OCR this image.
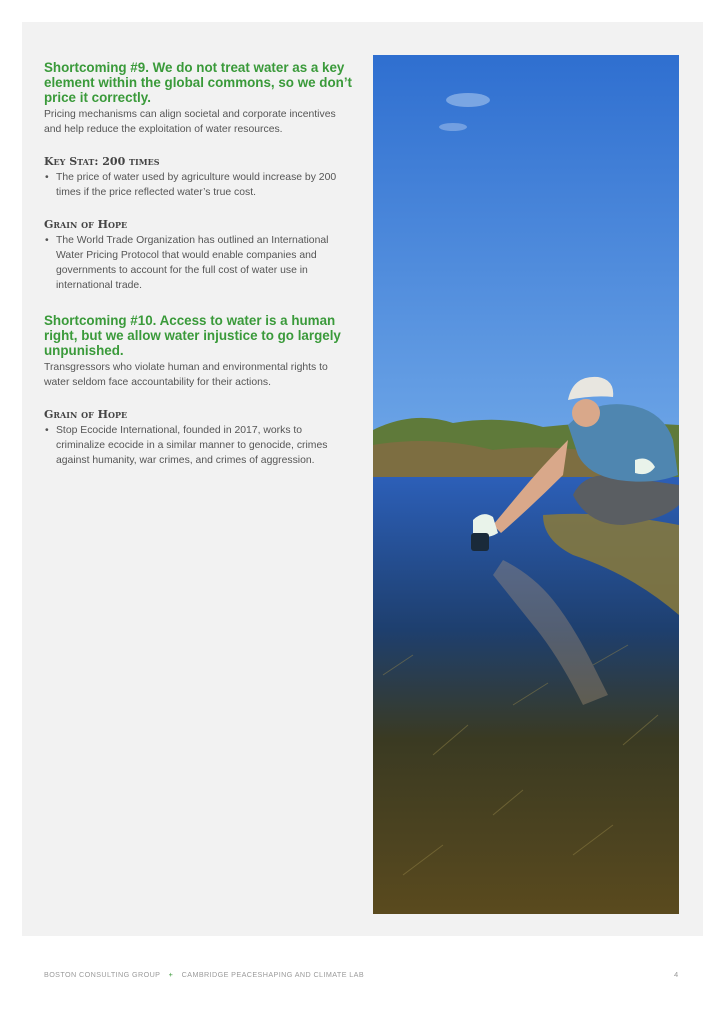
Shortcoming #9. We do not treat water as a key element within the global commons, so we don’t price it correctly.

Pricing mechanisms can align societal and corporate incentives and help reduce the exploitation of water resources.

Key Stat: 200 times
• The price of water used by agriculture would increase by 200 times if the price reflected water’s true cost.
Grain of Hope
• The World Trade Organization has outlined an International Water Pricing Protocol that would enable companies and governments to account for the full cost of water use in international trade.
Shortcoming #10. Access to water is a human right, but we allow water injustice to go largely unpunished.

Transgressors who violate human and environmental rights to water seldom face accountability for their actions.

Grain of Hope
• Stop Ecocide International, founded in 2017, works to criminalize ecocide in a similar manner to genocide, crimes against humanity, war crimes, and crimes of aggression.
BOSTON CONSULTING GROUP + CAMBRIDGE PEACESHAPING AND CLIMATE LAB	4
